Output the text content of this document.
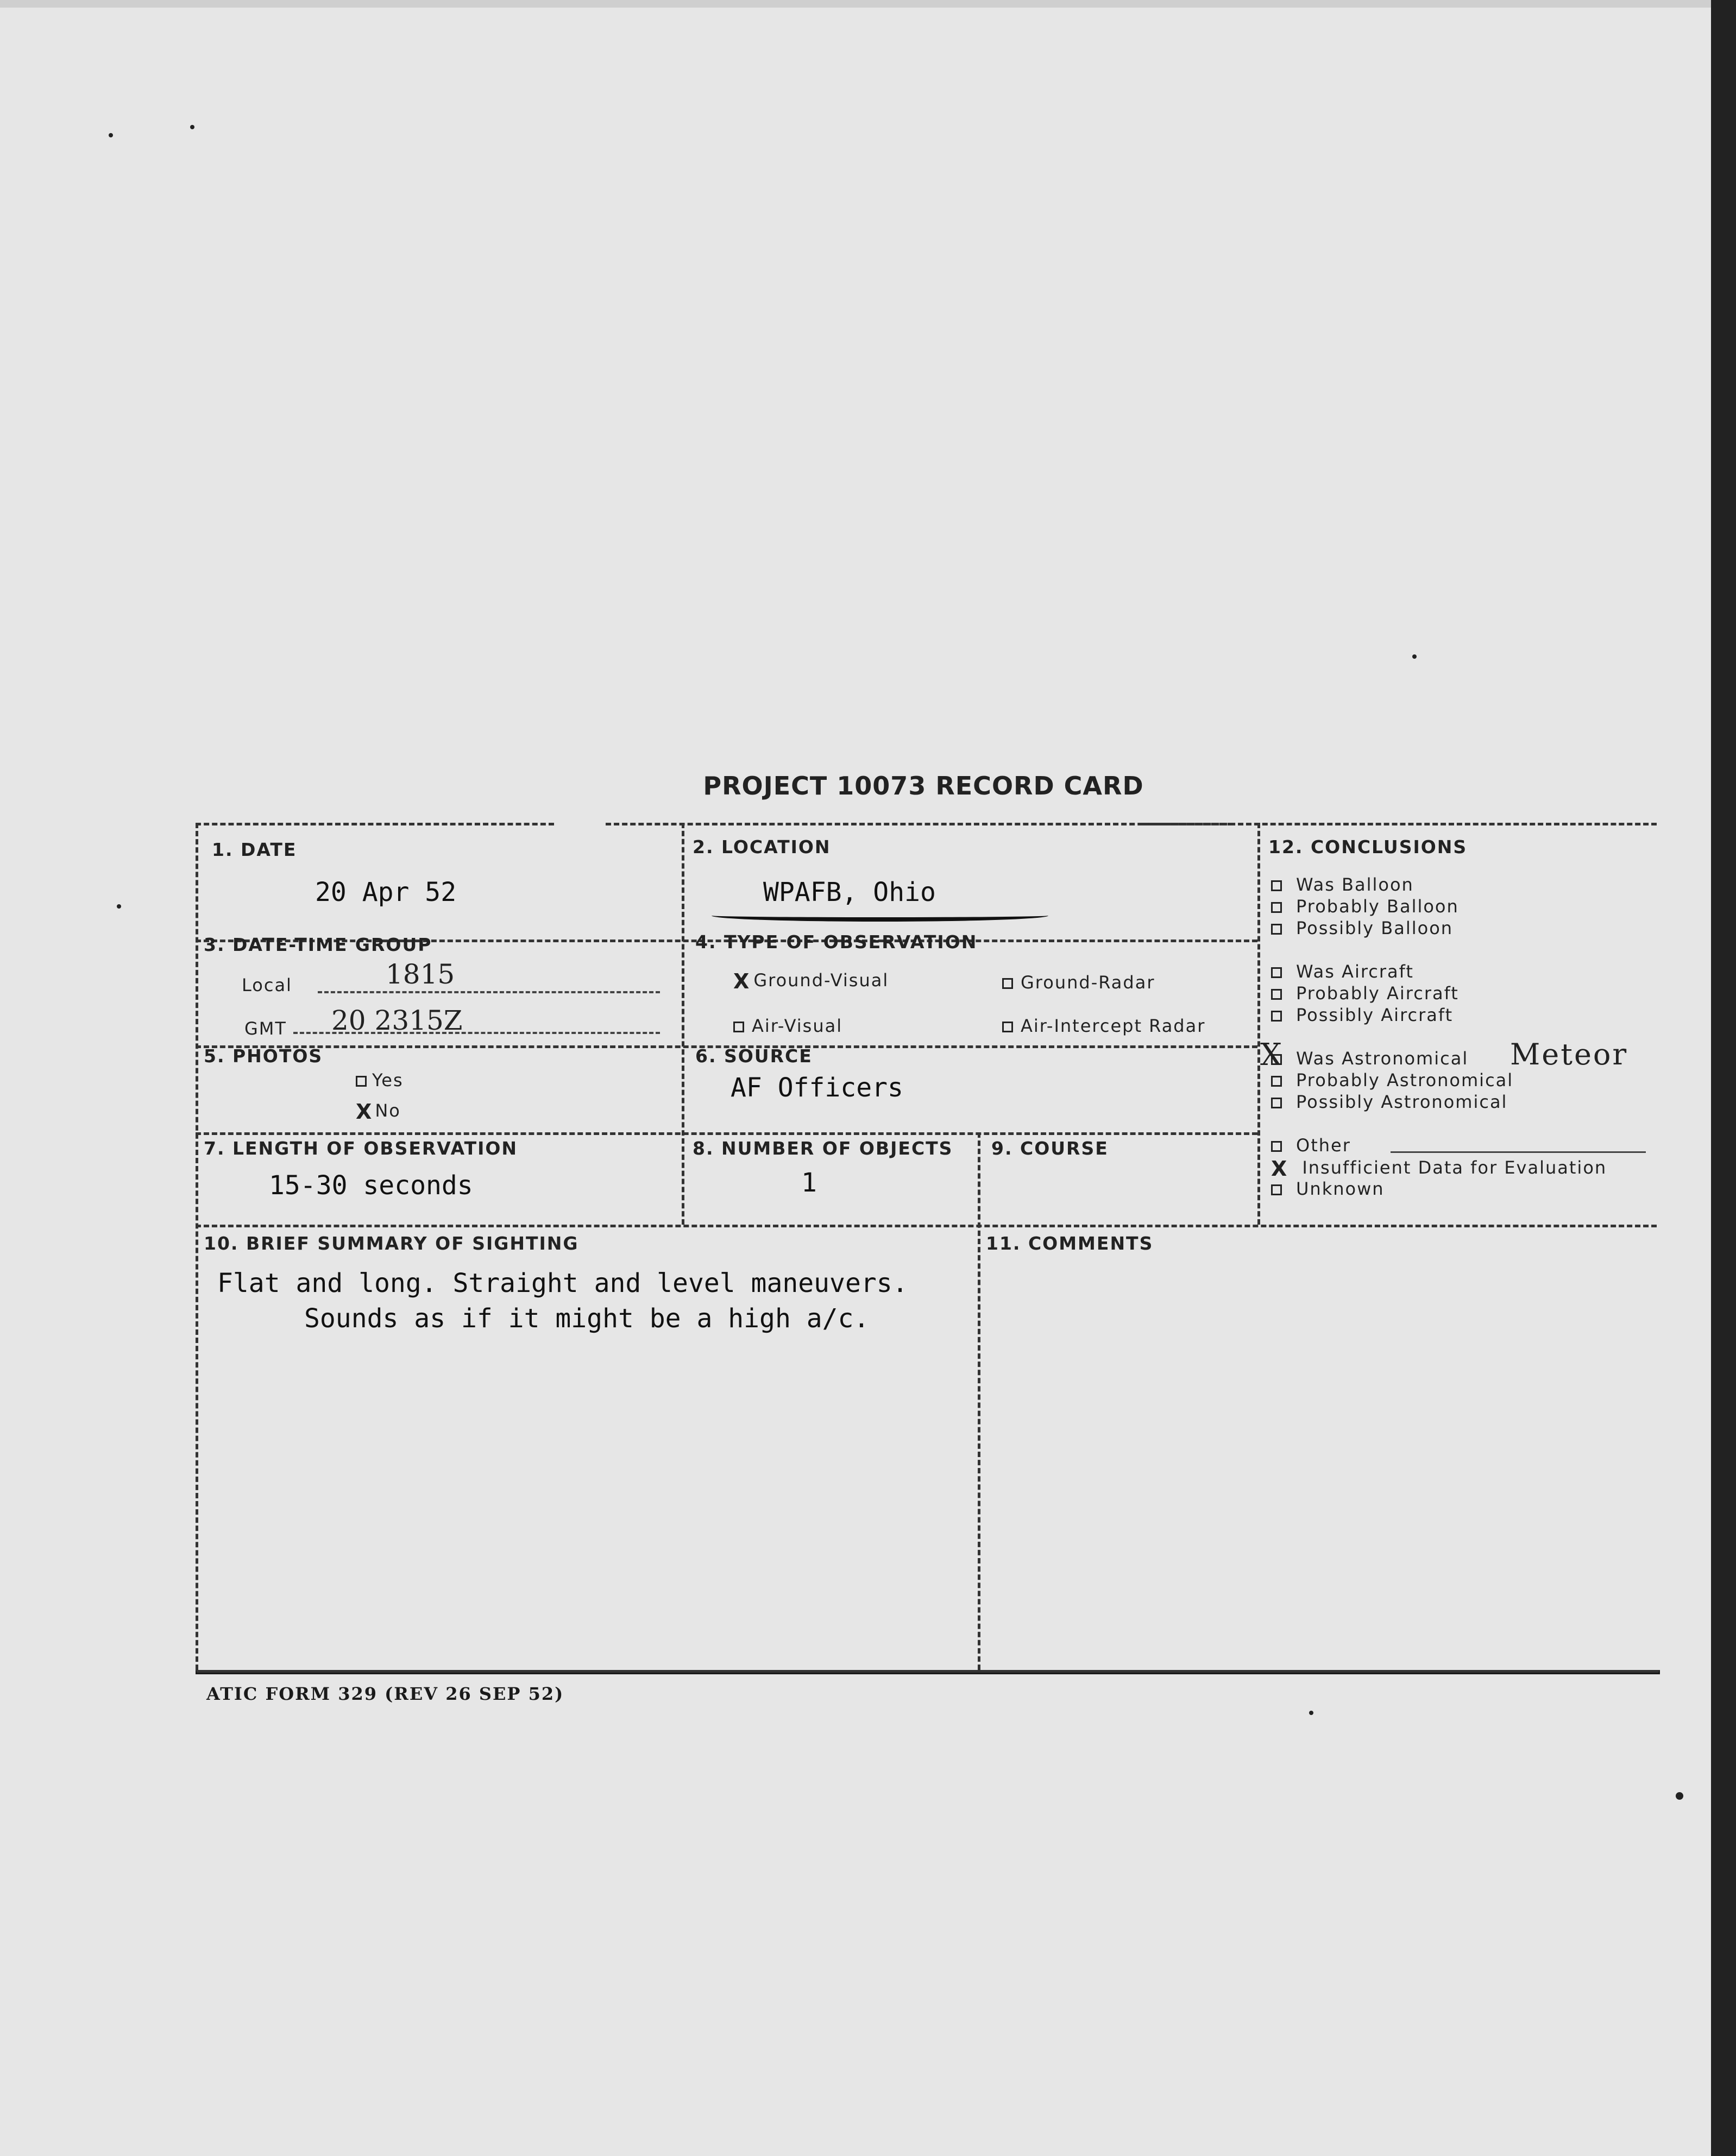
PROJECT 10073 RECORD CARD
1. DATE
20 Apr 52
2. LOCATION
WPAFB, Ohio
12. CONCLUSIONS
Was Balloon
Probably Balloon
Possibly Balloon
Was Aircraft
Probably Aircraft
Possibly Aircraft
Was Astronomical
X	Meteor
Probably Astronomical
Possibly Astronomical
Other
X Insufficient Data for Evaluation
Unknown
3. DATE-TIME GROUP
Local	1815
GMT 20 2315Z
4. TYPE OF OBSERVATION
X Ground-Visual	Ground-Radar
Air-Visual	Air-Intercept Radar
5. PHOTOS
Yes
X No
6. SOURCE
AF Officers
7. LENGTH OF OBSERVATION
15-30 seconds
8. NUMBER OF OBJECTS
1
9. COURSE
10. BRIEF SUMMARY OF SIGHTING
Flat and long. Straight and level maneuvers.
Sounds as if it might be a high a/c.
11. COMMENTS
ATIC FORM 329 (REV 26 SEP 52)
